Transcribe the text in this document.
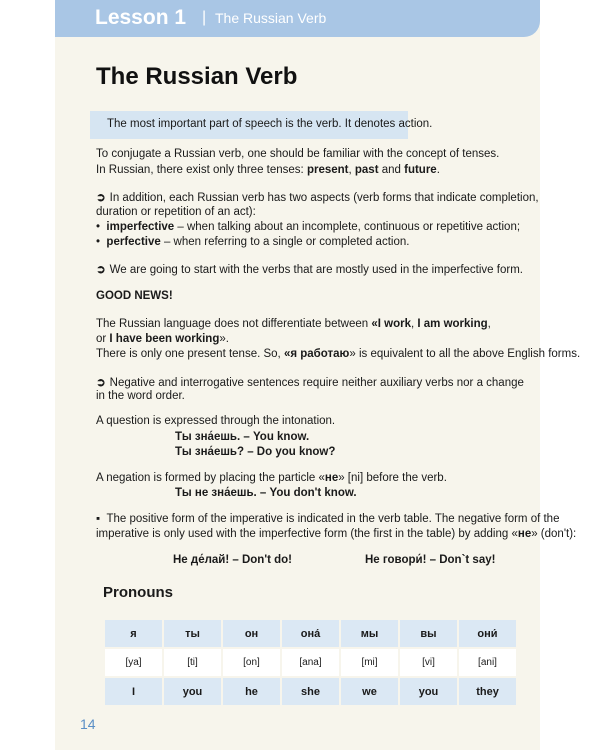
Lesson 1 | The Russian Verb
The Russian Verb
The most important part of speech is the verb. It denotes action.
To conjugate a Russian verb, one should be familiar with the concept of tenses.
In Russian, there exist only three tenses: present, past and future.
➲ In addition, each Russian verb has two aspects (verb forms that indicate completion,
duration or repetition of an act):
• imperfective – when talking about an incomplete, continuous or repetitive action;
• perfective – when referring to a single or completed action.
➲ We are going to start with the verbs that are mostly used in the imperfective form.
GOOD NEWS!
The Russian language does not differentiate between «I work, I am working,
or I have been working».
There is only one present tense. So, «я работаю» is equivalent to all the above English forms.
➲ Negative and interrogative sentences require neither auxiliary verbs nor a change
in the word order.
A question is expressed through the intonation.
Ты зна́ешь. – You know.
Ты зна́ешь? – Do you know?
A negation is formed by placing the particle «не» [ni] before the verb.
Ты не зна́ешь. – You don't know.
▪ The positive form of the imperative is indicated in the verb table. The negative form of the
imperative is only used with the imperfective form (the first in the table) by adding «не» (don't):
Не де́лай! – Don't do!	Не говори́! – Don`t say!
Pronouns
я	ты	он	она́	мы	вы	они́
[ya]	[ti]	[on]	[ana]	[mi]	[vi]	[ani]
I	you	he	she	we	you	they
14
